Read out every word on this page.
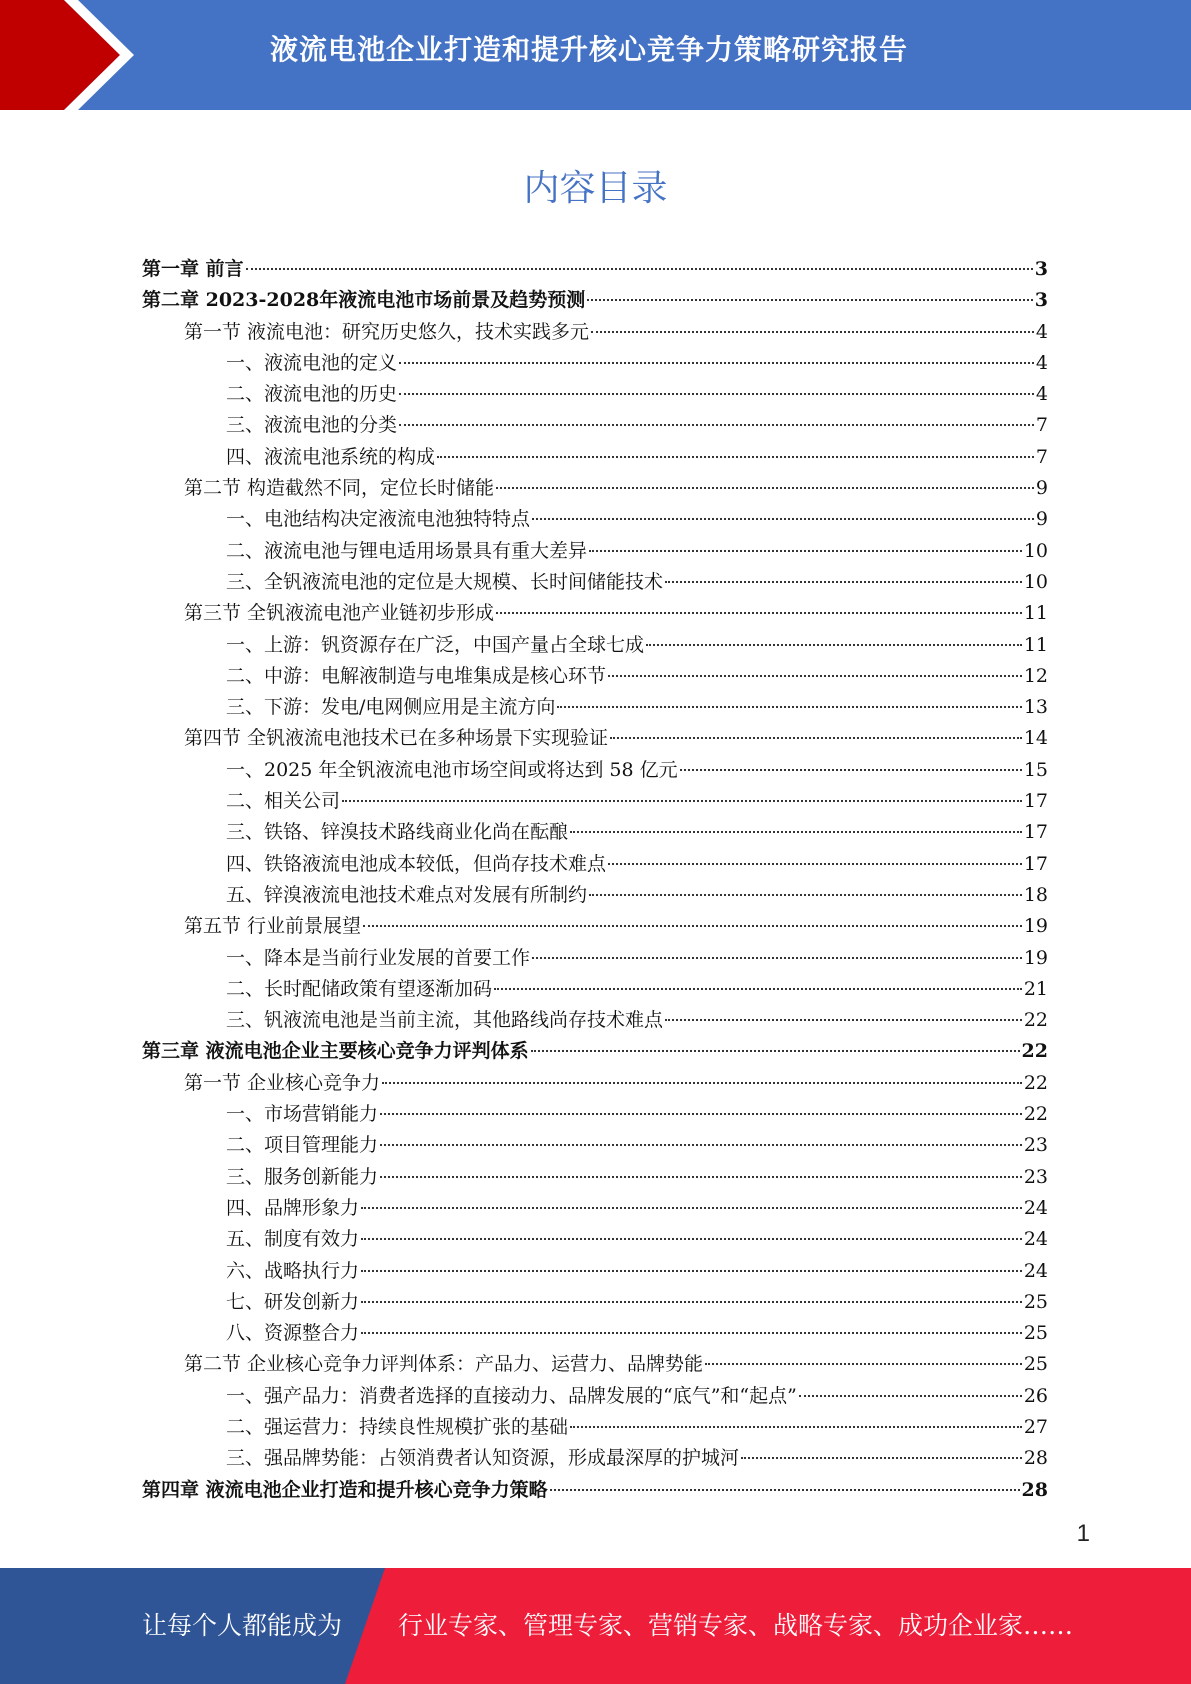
液流电池企业打造和提升核心竞争力策略研究报告
内容目录
第一章 前言	3
第二章 2023-2028年液流电池市场前景及趋势预测	3
第一节 液流电池：研究历史悠久，技术实践多元	4
一、液流电池的定义	4
二、液流电池的历史	4
三、液流电池的分类	7
四、液流电池系统的构成	7
第二节 构造截然不同，定位长时储能	9
一、电池结构决定液流电池独特特点	9
二、液流电池与锂电适用场景具有重大差异	10
三、全钒液流电池的定位是大规模、长时间储能技术	10
第三节 全钒液流电池产业链初步形成	11
一、上游：钒资源存在广泛，中国产量占全球七成	11
二、中游：电解液制造与电堆集成是核心环节	12
三、下游：发电/电网侧应用是主流方向	13
第四节 全钒液流电池技术已在多种场景下实现验证	14
一、2025 年全钒液流电池市场空间或将达到 58 亿元	15
二、相关公司	17
三、铁铬、锌溴技术路线商业化尚在酝酿	17
四、铁铬液流电池成本较低，但尚存技术难点	17
五、锌溴液流电池技术难点对发展有所制约	18
第五节 行业前景展望	19
一、降本是当前行业发展的首要工作	19
二、长时配储政策有望逐渐加码	21
三、钒液流电池是当前主流，其他路线尚存技术难点	22
第三章 液流电池企业主要核心竞争力评判体系	22
第一节 企业核心竞争力	22
一、市场营销能力	22
二、项目管理能力	23
三、服务创新能力	23
四、品牌形象力	24
五、制度有效力	24
六、战略执行力	24
七、研发创新力	25
八、资源整合力	25
第二节 企业核心竞争力评判体系：产品力、运营力、品牌势能	25
一、强产品力：消费者选择的直接动力、品牌发展的“底气”和“起点”	26
二、强运营力：持续良性规模扩张的基础	27
三、强品牌势能：占领消费者认知资源，形成最深厚的护城河	28
第四章 液流电池企业打造和提升核心竞争力策略	28
1
让每个人都能成为 行业专家、管理专家、营销专家、战略专家、成功企业家……
